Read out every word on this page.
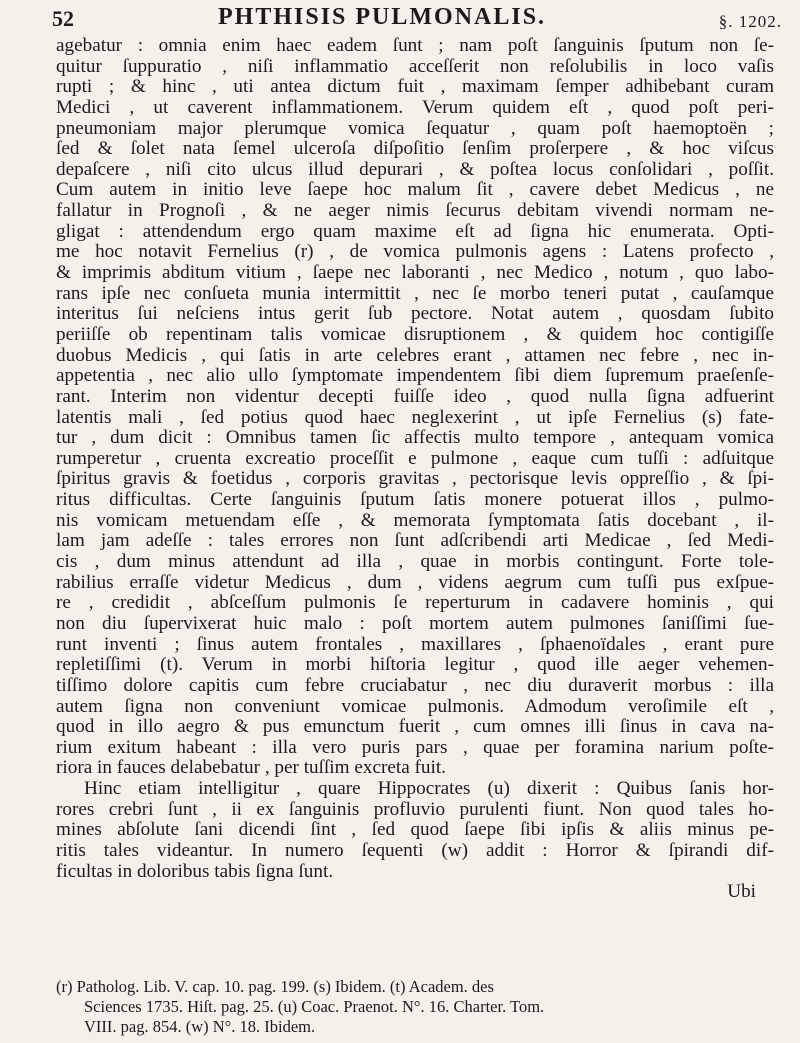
52	PHTHISIS PULMONALIS.	§. 1202.
agebatur : omnia enim haec eadem ſunt ; nam poſt ſanguinis ſputum non ſe-
quitur ſuppuratio , niſi inflammatio acceſſerit non reſolubilis in loco vaſis
rupti ; & hinc , uti antea dictum fuit , maximam ſemper adhibebant curam
Medici , ut caverent inflammationem. Verum quidem eſt , quod poſt peri-
pneumoniam major plerumque vomica ſequatur , quam poſt haemoptoën ;
ſed & ſolet nata ſemel ulceroſa diſpoſitio ſenſim proſerpere , & hoc viſcus
depaſcere , niſi cito ulcus illud depurari , & poſtea locus conſolidari , poſſit.
Cum autem in initio leve ſaepe hoc malum ſit , cavere debet Medicus , ne
fallatur in Prognoſi , & ne aeger nimis ſecurus debitam vivendi normam ne-
gligat : attendendum ergo quam maxime eſt ad ſigna hic enumerata. Opti-
me hoc notavit Fernelius (r) , de vomica pulmonis agens : Latens profecto ,
& imprimis abditum vitium , ſaepe nec laboranti , nec Medico , notum , quo labo-
rans ipſe nec conſueta munia intermittit , nec ſe morbo teneri putat , cauſamque
interitus ſui neſciens intus gerit ſub pectore. Notat autem , quosdam ſubito
periiſſe ob repentinam talis vomicae disruptionem , & quidem hoc contigiſſe
duobus Medicis , qui ſatis in arte celebres erant , attamen nec febre , nec in-
appetentia , nec alio ullo ſymptomate impendentem ſibi diem ſupremum praeſenſe-
rant. Interim non videntur decepti fuiſſe ideo , quod nulla ſigna adfuerint
latentis mali , ſed potius quod haec neglexerint , ut ipſe Fernelius (s) fate-
tur , dum dicit : Omnibus tamen ſic affectis multo tempore , antequam vomica
rumperetur , cruenta excreatio proceſſit e pulmone , eaque cum tuſſi : adſuitque
ſpiritus gravis & foetidus , corporis gravitas , pectorisque levis oppreſſio , & ſpi-
ritus difficultas. Certe ſanguinis ſputum ſatis monere potuerat illos , pulmo-
nis vomicam metuendam eſſe , & memorata ſymptomata ſatis docebant , il-
lam jam adeſſe : tales errores non ſunt adſcribendi arti Medicae , ſed Medi-
cis , dum minus attendunt ad illa , quae in morbis contingunt. Forte tole-
rabilius erraſſe videtur Medicus , dum , videns aegrum cum tuſſi pus exſpue-
re , credidit , abſceſſum pulmonis ſe reperturum in cadavere hominis , qui
non diu ſupervixerat huic malo : poſt mortem autem pulmones ſaniſſimi ſue-
runt inventi ; ſinus autem frontales , maxillares , ſphaenoïdales , erant pure
repletiſſimi (t). Verum in morbi hiſtoria legitur , quod ille aeger vehemen-
tiſſimo dolore capitis cum febre cruciabatur , nec diu duraverit morbus : illa
autem ſigna non conveniunt vomicae pulmonis. Admodum veroſimile eſt ,
quod in illo aegro & pus emunctum fuerit , cum omnes illi ſinus in cava na-
rium exitum habeant : illa vero puris pars , quae per foramina narium poſte-
riora in fauces delabebatur , per tuſſim excreta fuit.
Hinc etiam intelligitur , quare Hippocrates (u) dixerit : Quibus ſanis hor-
rores crebri ſunt , ii ex ſanguinis profluvio purulenti fiunt. Non quod tales ho-
mines abſolute ſani dicendi ſint , ſed quod ſaepe ſibi ipſis & aliis minus pe-
ritis tales videantur. In numero ſequenti (w) addit : Horror & ſpirandi dif-
ficultas in doloribus tabis ſigna ſunt.
Ubi
(r) Patholog. Lib. V. cap. 10. pag. 199. (s) Ibidem. (t) Academ. des
Sciences 1735. Hiſt. pag. 25. (u) Coac. Praenot. N°. 16. Charter. Tom.
VIII. pag. 854. (w) N°. 18. Ibidem.
